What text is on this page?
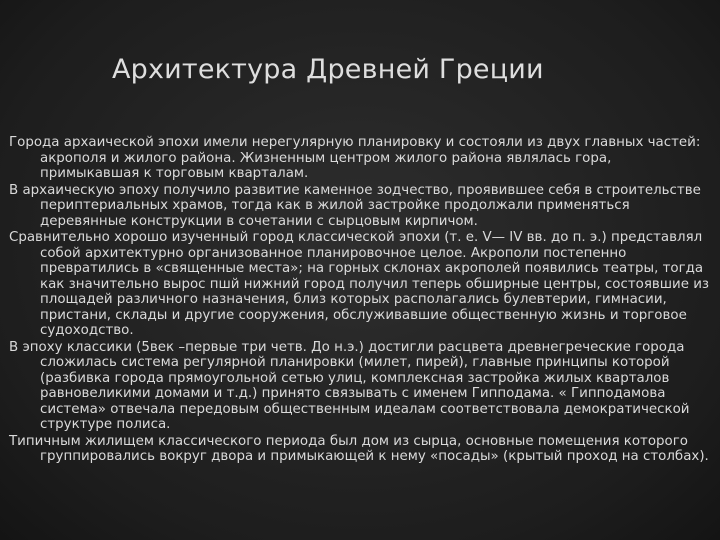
Архитектура Древней Греции

Города архаической эпохи имели нерегулярную планировку и состояли из двух главных частей: акрополя и жилого района. Жизненным центром жилого района являлась гора, примыкавшая к торговым кварталам.

В архаическую эпоху получило развитие каменное зодчество, проявившее себя в строительстве периптериальных храмов, тогда как в жилой застройке продолжали применяться деревянные конструкции в сочетании с сырцовым кирпичом.

Сравнительно хорошо изученный город классической эпохи (т. е. V— IV вв. до п. э.) представлял собой архитектурно организованное планировочное целое. Акрополи постепенно превратились в «священные места»; на горных склонах акрополей появились театры, тогда как значительно вырос пшй нижний город получил теперь обширные центры, состоявшие из площадей различного назначения, близ которых располагались булевтерии, гимнасии, пристани, склады и другие сооружения, обслуживавшие общественную жизнь и торговое судоходство.

В эпоху классики (5век –первые три четв. До н.э.) достигли расцвета древнегреческие города сложилась система регулярной планировки (милет, пирей), главные принципы которой (разбивка города прямоугольной сетью улиц, комплексная застройка жилых кварталов равновеликими домами и т.д.) принято связывать с именем Гипподама. « Гипподамова система» отвечала передовым общественным идеалам соответствовала демократической структуре полиса.

Типичным жилищем классического периода был дом из сырца, основные помещения которого группировались вокруг двора и примыкающей к нему «посады» (крытый проход на столбах).
